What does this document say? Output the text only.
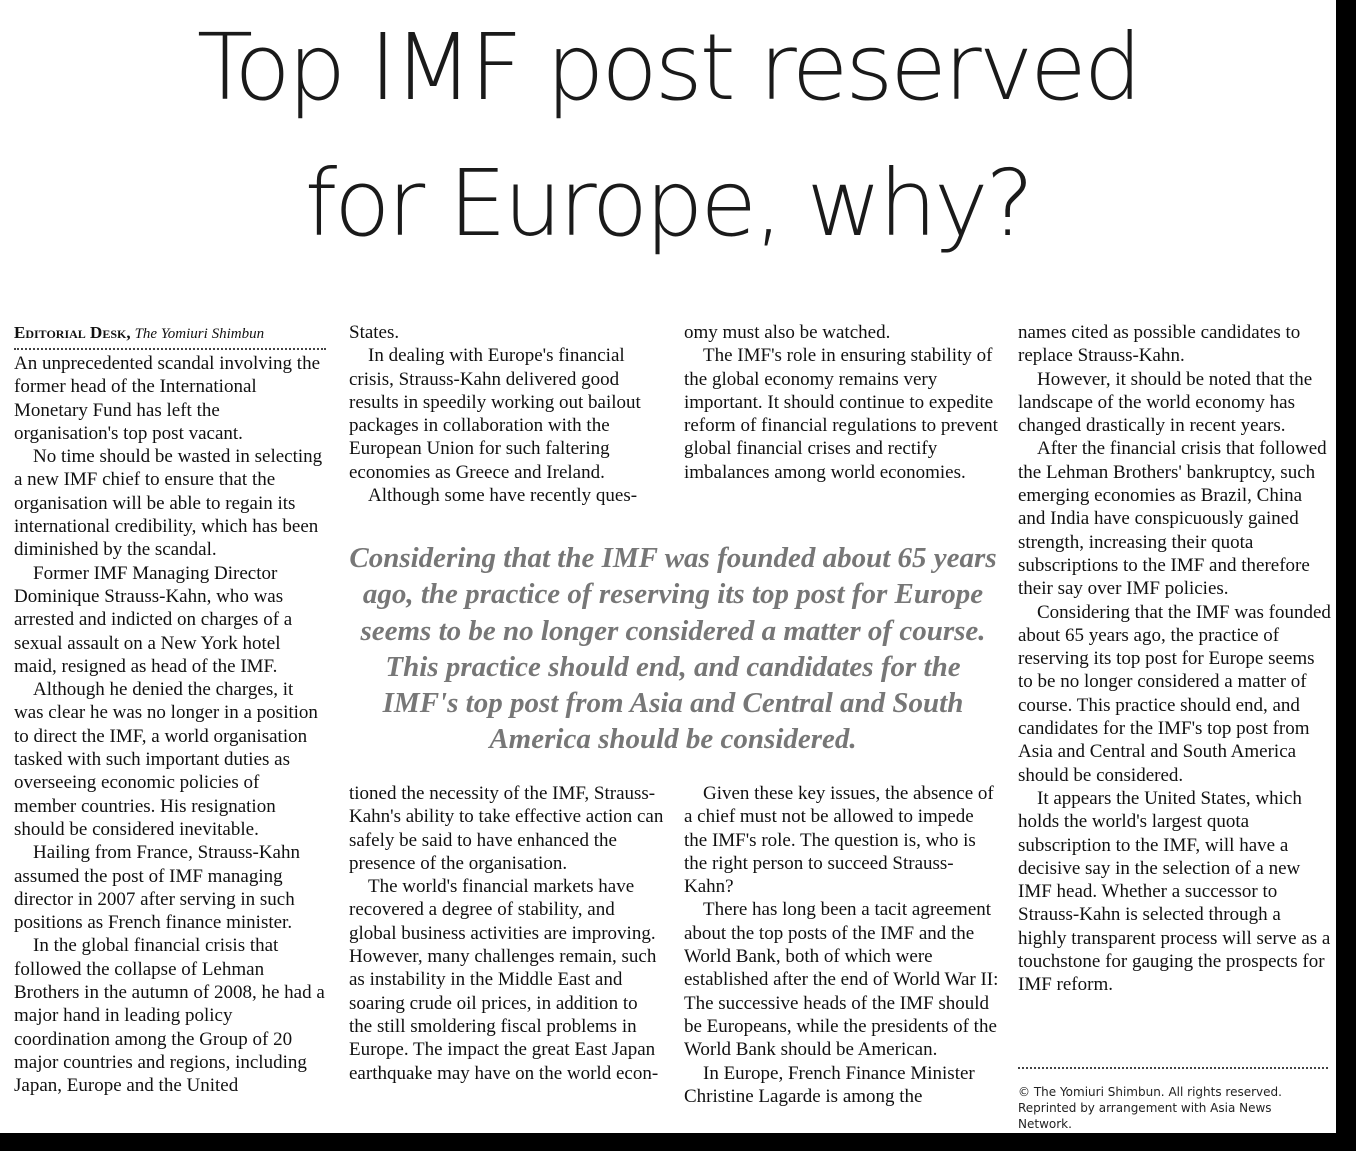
Top IMF post reserved
for Europe, why?
Editorial Desk, The Yomiuri Shimbun

An unprecedented scandal involving the former head of the International Monetary Fund has left the organisation's top post vacant.

No time should be wasted in selecting a new IMF chief to ensure that the organisation will be able to regain its international credibility, which has been diminished by the scandal.

Former IMF Managing Director Dominique Strauss-Kahn, who was arrested and indicted on charges of a sexual assault on a New York hotel maid, resigned as head of the IMF.

Although he denied the charges, it was clear he was no longer in a position to direct the IMF, a world organisation tasked with such important duties as overseeing economic policies of member countries. His resignation should be considered inevitable.

Hailing from France, Strauss-Kahn assumed the post of IMF managing director in 2007 after serving in such positions as French finance minister.

In the global financial crisis that followed the collapse of Lehman Brothers in the autumn of 2008, he had a major hand in leading policy coordination among the Group of 20 major countries and regions, including Japan, Europe and the United

States.

In dealing with Europe's financial crisis, Strauss-Kahn delivered good results in speedily working out bailout packages in collaboration with the European Union for such faltering economies as Greece and Ireland.

Although some have recently ques-

omy must also be watched.

The IMF's role in ensuring stability of the global economy remains very important. It should continue to expedite reform of financial regulations to prevent global financial crises and rectify imbalances among world economies.

Considering that the IMF was founded about 65 years ago, the practice of reserving its top post for Europe seems to be no longer considered a matter of course. This practice should end, and candidates for the IMF's top post from Asia and Central and South America should be considered.

tioned the necessity of the IMF, Strauss-Kahn's ability to take effective action can safely be said to have enhanced the presence of the organisation.

The world's financial markets have recovered a degree of stability, and global business activities are improving. However, many challenges remain, such as instability in the Middle East and soaring crude oil prices, in addition to the still smoldering fiscal problems in Europe. The impact the great East Japan earthquake may have on the world econ-

Given these key issues, the absence of a chief must not be allowed to impede the IMF's role. The question is, who is the right person to succeed Strauss-Kahn?

There has long been a tacit agreement about the top posts of the IMF and the World Bank, both of which were established after the end of World War II: The successive heads of the IMF should be Europeans, while the presidents of the World Bank should be American.

In Europe, French Finance Minister Christine Lagarde is among the

names cited as possible candidates to replace Strauss-Kahn.

However, it should be noted that the landscape of the world economy has changed drastically in recent years.

After the financial crisis that followed the Lehman Brothers' bankruptcy, such emerging economies as Brazil, China and India have conspicuously gained strength, increasing their quota subscriptions to the IMF and therefore their say over IMF policies.

Considering that the IMF was founded about 65 years ago, the practice of reserving its top post for Europe seems to be no longer considered a matter of course. This practice should end, and candidates for the IMF's top post from Asia and Central and South America should be considered.

It appears the United States, which holds the world's largest quota subscription to the IMF, will have a decisive say in the selection of a new IMF head. Whether a successor to Strauss-Kahn is selected through a highly transparent process will serve as a touchstone for gauging the prospects for IMF reform.

© The Yomiuri Shimbun. All rights reserved. Reprinted by arrangement with Asia News Network.
